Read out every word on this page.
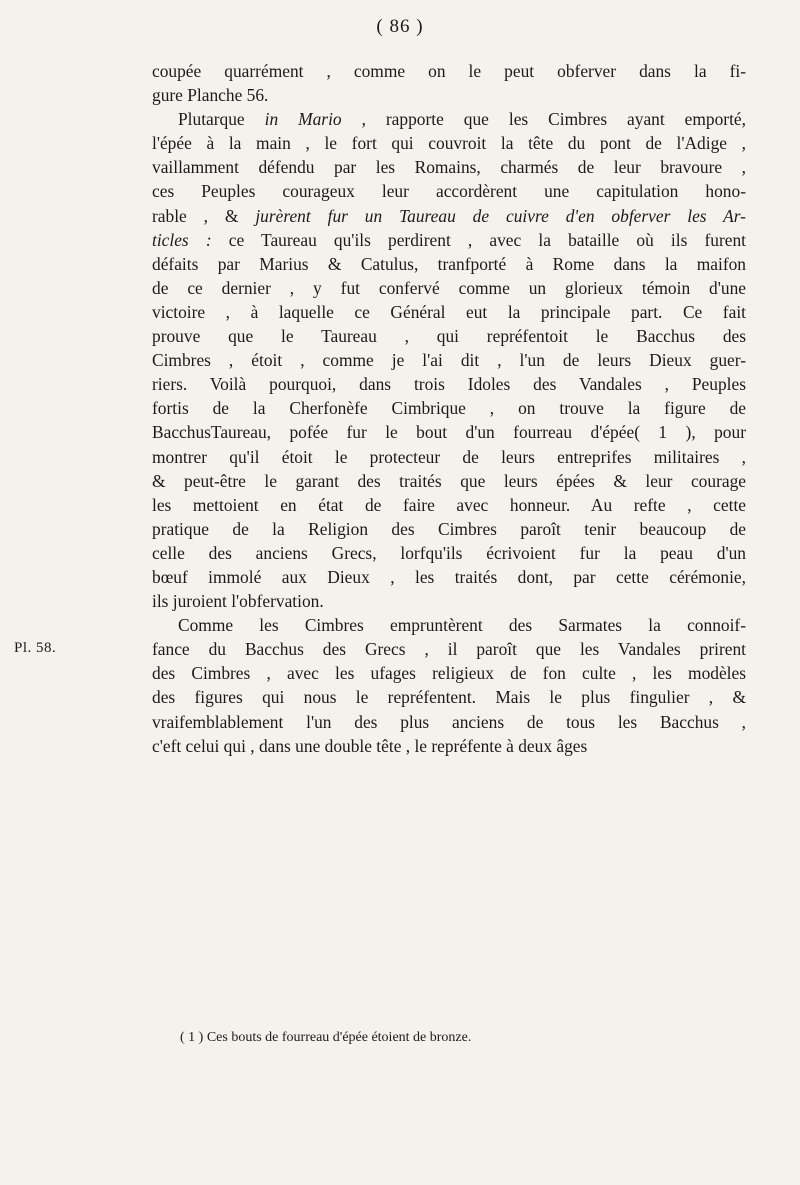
( 86 )
Pl. 58.
coupée quarrément , comme on le peut obferver dans la fi-
gure Planche 56.
Plutarque in Mario , rapporte que les Cimbres ayant emporté,
l'épée à la main , le fort qui couvroit la tête du pont de l'Adige ,
vaillamment défendu par les Romains, charmés de leur bravoure ,
ces Peuples courageux leur accordèrent une capitulation hono-
rable , & jurèrent fur un Taureau de cuivre d'en obferver les Ar-
ticles : ce Taureau qu'ils perdirent , avec la bataille où ils furent
défaits par Marius & Catulus, tranfporté à Rome dans la maifon
de ce dernier , y fut confervé comme un glorieux témoin d'une
victoire , à laquelle ce Général eut la principale part. Ce fait
prouve que le Taureau , qui repréfentoit le Bacchus des
Cimbres , étoit , comme je l'ai dit , l'un de leurs Dieux guer-
riers. Voilà pourquoi, dans trois Idoles des Vandales , Peuples
fortis de la Cherfonèfe Cimbrique , on trouve la figure de
BacchusTaureau, pofée fur le bout d'un fourreau d'épée( 1 ), pour
montrer qu'il étoit le protecteur de leurs entreprifes militaires ,
& peut-être le garant des traités que leurs épées & leur courage
les mettoient en état de faire avec honneur. Au refte , cette
pratique de la Religion des Cimbres paroît tenir beaucoup de
celle des anciens Grecs, lorfqu'ils écrivoient fur la peau d'un
bœuf immolé aux Dieux , les traités dont, par cette cérémonie,
ils juroient l'obfervation.
Comme les Cimbres empruntèrent des Sarmates la connoif-
fance du Bacchus des Grecs , il paroît que les Vandales prirent
des Cimbres , avec les ufages religieux de fon culte , les modèles
des figures qui nous le repréfentent. Mais le plus fingulier , &
vraifemblablement l'un des plus anciens de tous les Bacchus ,
c'eft celui qui , dans une double tête , le repréfente à deux âges
( 1 ) Ces bouts de fourreau d'épée étoient de bronze.
